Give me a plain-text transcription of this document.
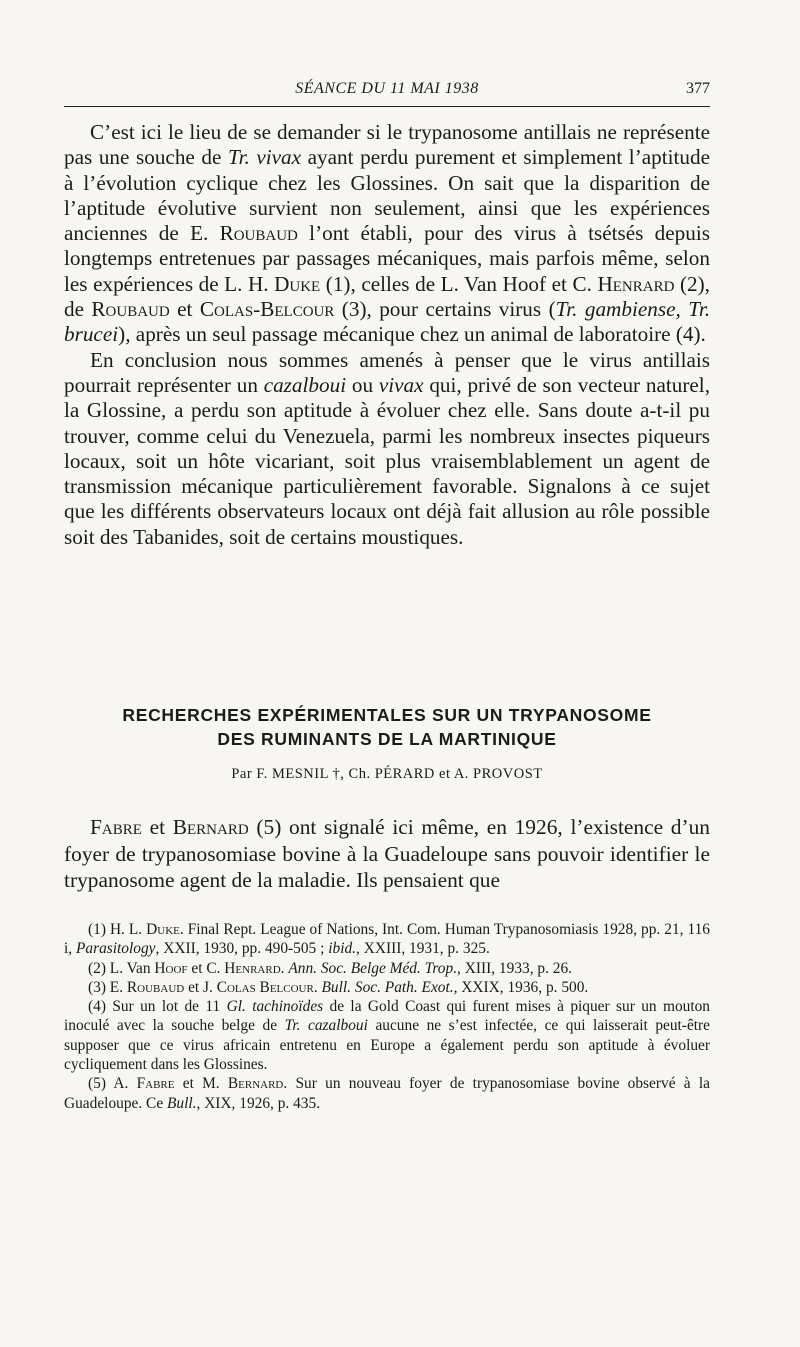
SÉANCE DU 11 MAI 1938	377

C’est ici le lieu de se demander si le trypanosome antillais ne représente pas une souche de Tr. vivax ayant perdu purement et simplement l’aptitude à l’évolution cyclique chez les Glossines. On sait que la disparition de l’aptitude évolutive survient non seulement, ainsi que les expériences anciennes de E. Roubaud l’ont établi, pour des virus à tsétsés depuis longtemps entretenues par passages mécaniques, mais parfois même, selon les expériences de L. H. Duke (1), celles de L. Van Hoof et C. Henrard (2), de Roubaud et Colas-Belcour (3), pour certains virus (Tr. gambiense, Tr. brucei), après un seul passage mécanique chez un animal de laboratoire (4).

En conclusion nous sommes amenés à penser que le virus antillais pourrait représenter un cazalboui ou vivax qui, privé de son vecteur naturel, la Glossine, a perdu son aptitude à évoluer chez elle. Sans doute a-t-il pu trouver, comme celui du Venezuela, parmi les nombreux insectes piqueurs locaux, soit un hôte vicariant, soit plus vraisemblablement un agent de transmission mécanique particulièrement favorable. Signalons à ce sujet que les différents observateurs locaux ont déjà fait allusion au rôle possible soit des Tabanides, soit de certains moustiques.

RECHERCHES EXPÉRIMENTALES SUR UN TRYPANOSOME
DES RUMINANTS DE LA MARTINIQUE
Par F. MESNIL †, Ch. PÉRARD et A. PROVOST

Fabre et Bernard (5) ont signalé ici même, en 1926, l’existence d’un foyer de trypanosomiase bovine à la Guadeloupe sans pouvoir identifier le trypanosome agent de la maladie. Ils pensaient que

(1) H. L. Duke. Final Rept. League of Nations, Int. Com. Human Trypanosomiasis 1928, pp. 21, 116 i, Parasitology, XXII, 1930, pp. 490-505 ; ibid., XXIII, 1931, p. 325.

(2) L. Van Hoof et C. Henrard. Ann. Soc. Belge Méd. Trop., XIII, 1933, p. 26.

(3) E. Roubaud et J. Colas Belcour. Bull. Soc. Path. Exot., XXIX, 1936, p. 500.

(4) Sur un lot de 11 Gl. tachinoïdes de la Gold Coast qui furent mises à piquer sur un mouton inoculé avec la souche belge de Tr. cazalboui aucune ne s’est infectée, ce qui laisserait peut-être supposer que ce virus africain entretenu en Europe a également perdu son aptitude à évoluer cycliquement dans les Glossines.

(5) A. Fabre et M. Bernard. Sur un nouveau foyer de trypanosomiase bovine observé à la Guadeloupe. Ce Bull., XIX, 1926, p. 435.
